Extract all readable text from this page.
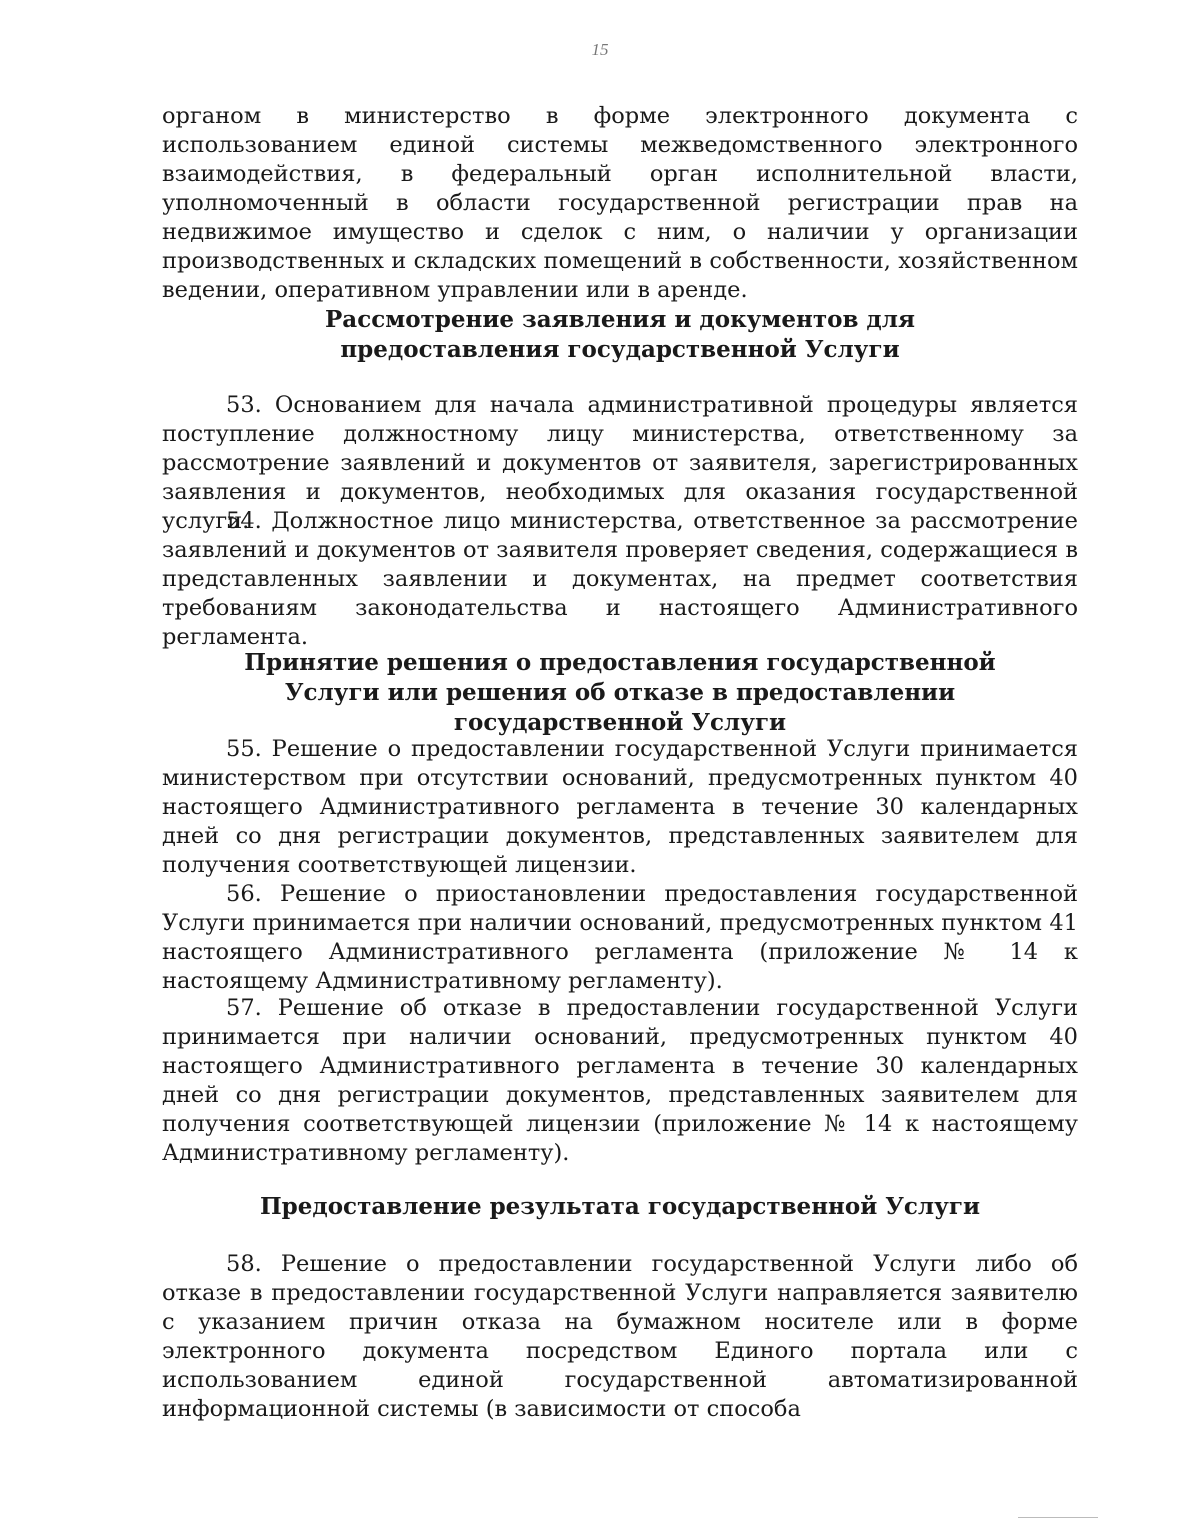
15

органом в министерство в форме электронного документа с использованием единой системы межведомственного электронного взаимодействия, в федеральный орган исполнительной власти, уполномоченный в области государственной регистрации прав на недвижимое имущество и сделок с ним, о наличии у организации производственных и складских помещений в собственности, хозяйственном ведении, оперативном управлении или в аренде.

Рассмотрение заявления и документов для предоставления государственной Услуги

53. Основанием для начала административной процедуры является поступление должностному лицу министерства, ответственному за рассмотрение заявлений и документов от заявителя, зарегистрированных заявления и документов, необходимых для оказания государственной услуги.

54. Должностное лицо министерства, ответственное за рассмотрение заявлений и документов от заявителя проверяет сведения, содержащиеся в представленных заявлении и документах, на предмет соответствия требованиям законодательства и настоящего Административного регламента.

Принятие решения о предоставления государственной Услуги или решения об отказе в предоставлении государственной Услуги

55. Решение о предоставлении государственной Услуги принимается министерством при отсутствии оснований, предусмотренных пунктом 40 настоящего Административного регламента в течение 30 календарных дней со дня регистрации документов, представленных заявителем для получения соответствующей лицензии.

56. Решение о приостановлении предоставления государственной Услуги принимается при наличии оснований, предусмотренных пунктом 41 настоящего Административного регламента (приложение № 14 к настоящему Административному регламенту).

57. Решение об отказе в предоставлении государственной Услуги принимается при наличии оснований, предусмотренных пунктом 40 настоящего Административного регламента в течение 30 календарных дней со дня регистрации документов, представленных заявителем для получения соответствующей лицензии (приложение № 14 к настоящему Административному регламенту).

Предоставление результата государственной Услуги

58. Решение о предоставлении государственной Услуги либо об отказе в предоставлении государственной Услуги направляется заявителю с указанием причин отказа на бумажном носителе или в форме электронного документа посредством Единого портала или с использованием единой государственной автоматизированной информационной системы (в зависимости от способа
